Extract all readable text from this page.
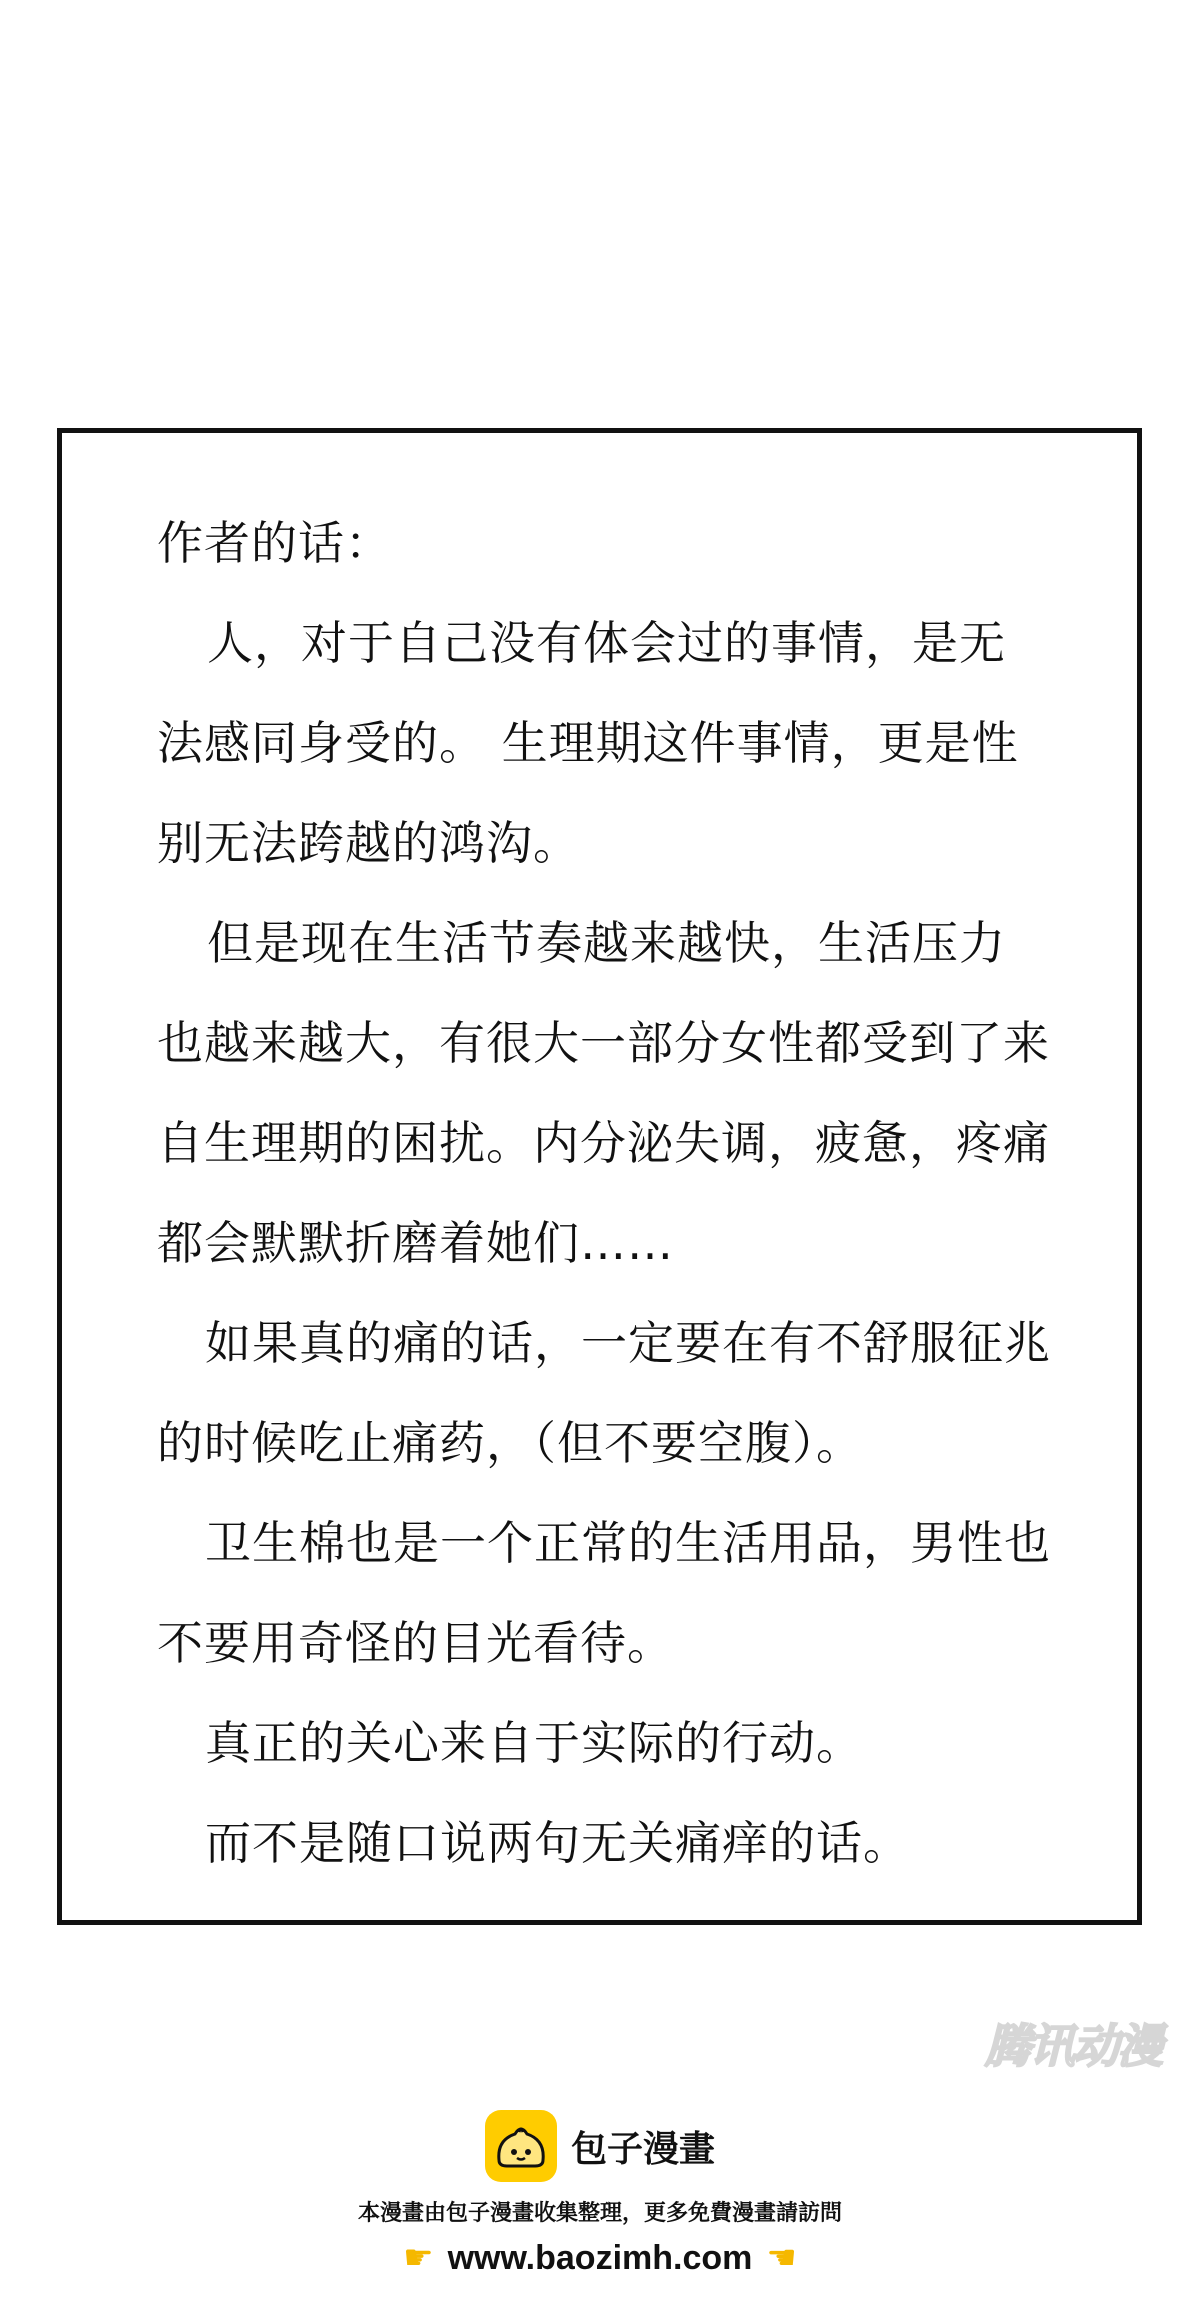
作者的话：
人，对于自己没有体会过的事情，是无
法感同身受的。 生理期这件事情，更是性
别无法跨越的鸿沟。
但是现在生活节奏越来越快，生活压力
也越来越大，有很大一部分女性都受到了来
自生理期的困扰。内分泌失调，疲惫，疼痛
都会默默折磨着她们……
如果真的痛的话，一定要在有不舒服征兆
的时候吃止痛药，（但不要空腹）。
卫生棉也是一个正常的生活用品，男性也
不要用奇怪的目光看待。
真正的关心来自于实际的行动。
而不是随口说两句无关痛痒的话。
腾讯动漫
包子漫畫
本漫畫由包子漫畫收集整理，更多免費漫畫請訪問
☛ www.baozimh.com ☚
